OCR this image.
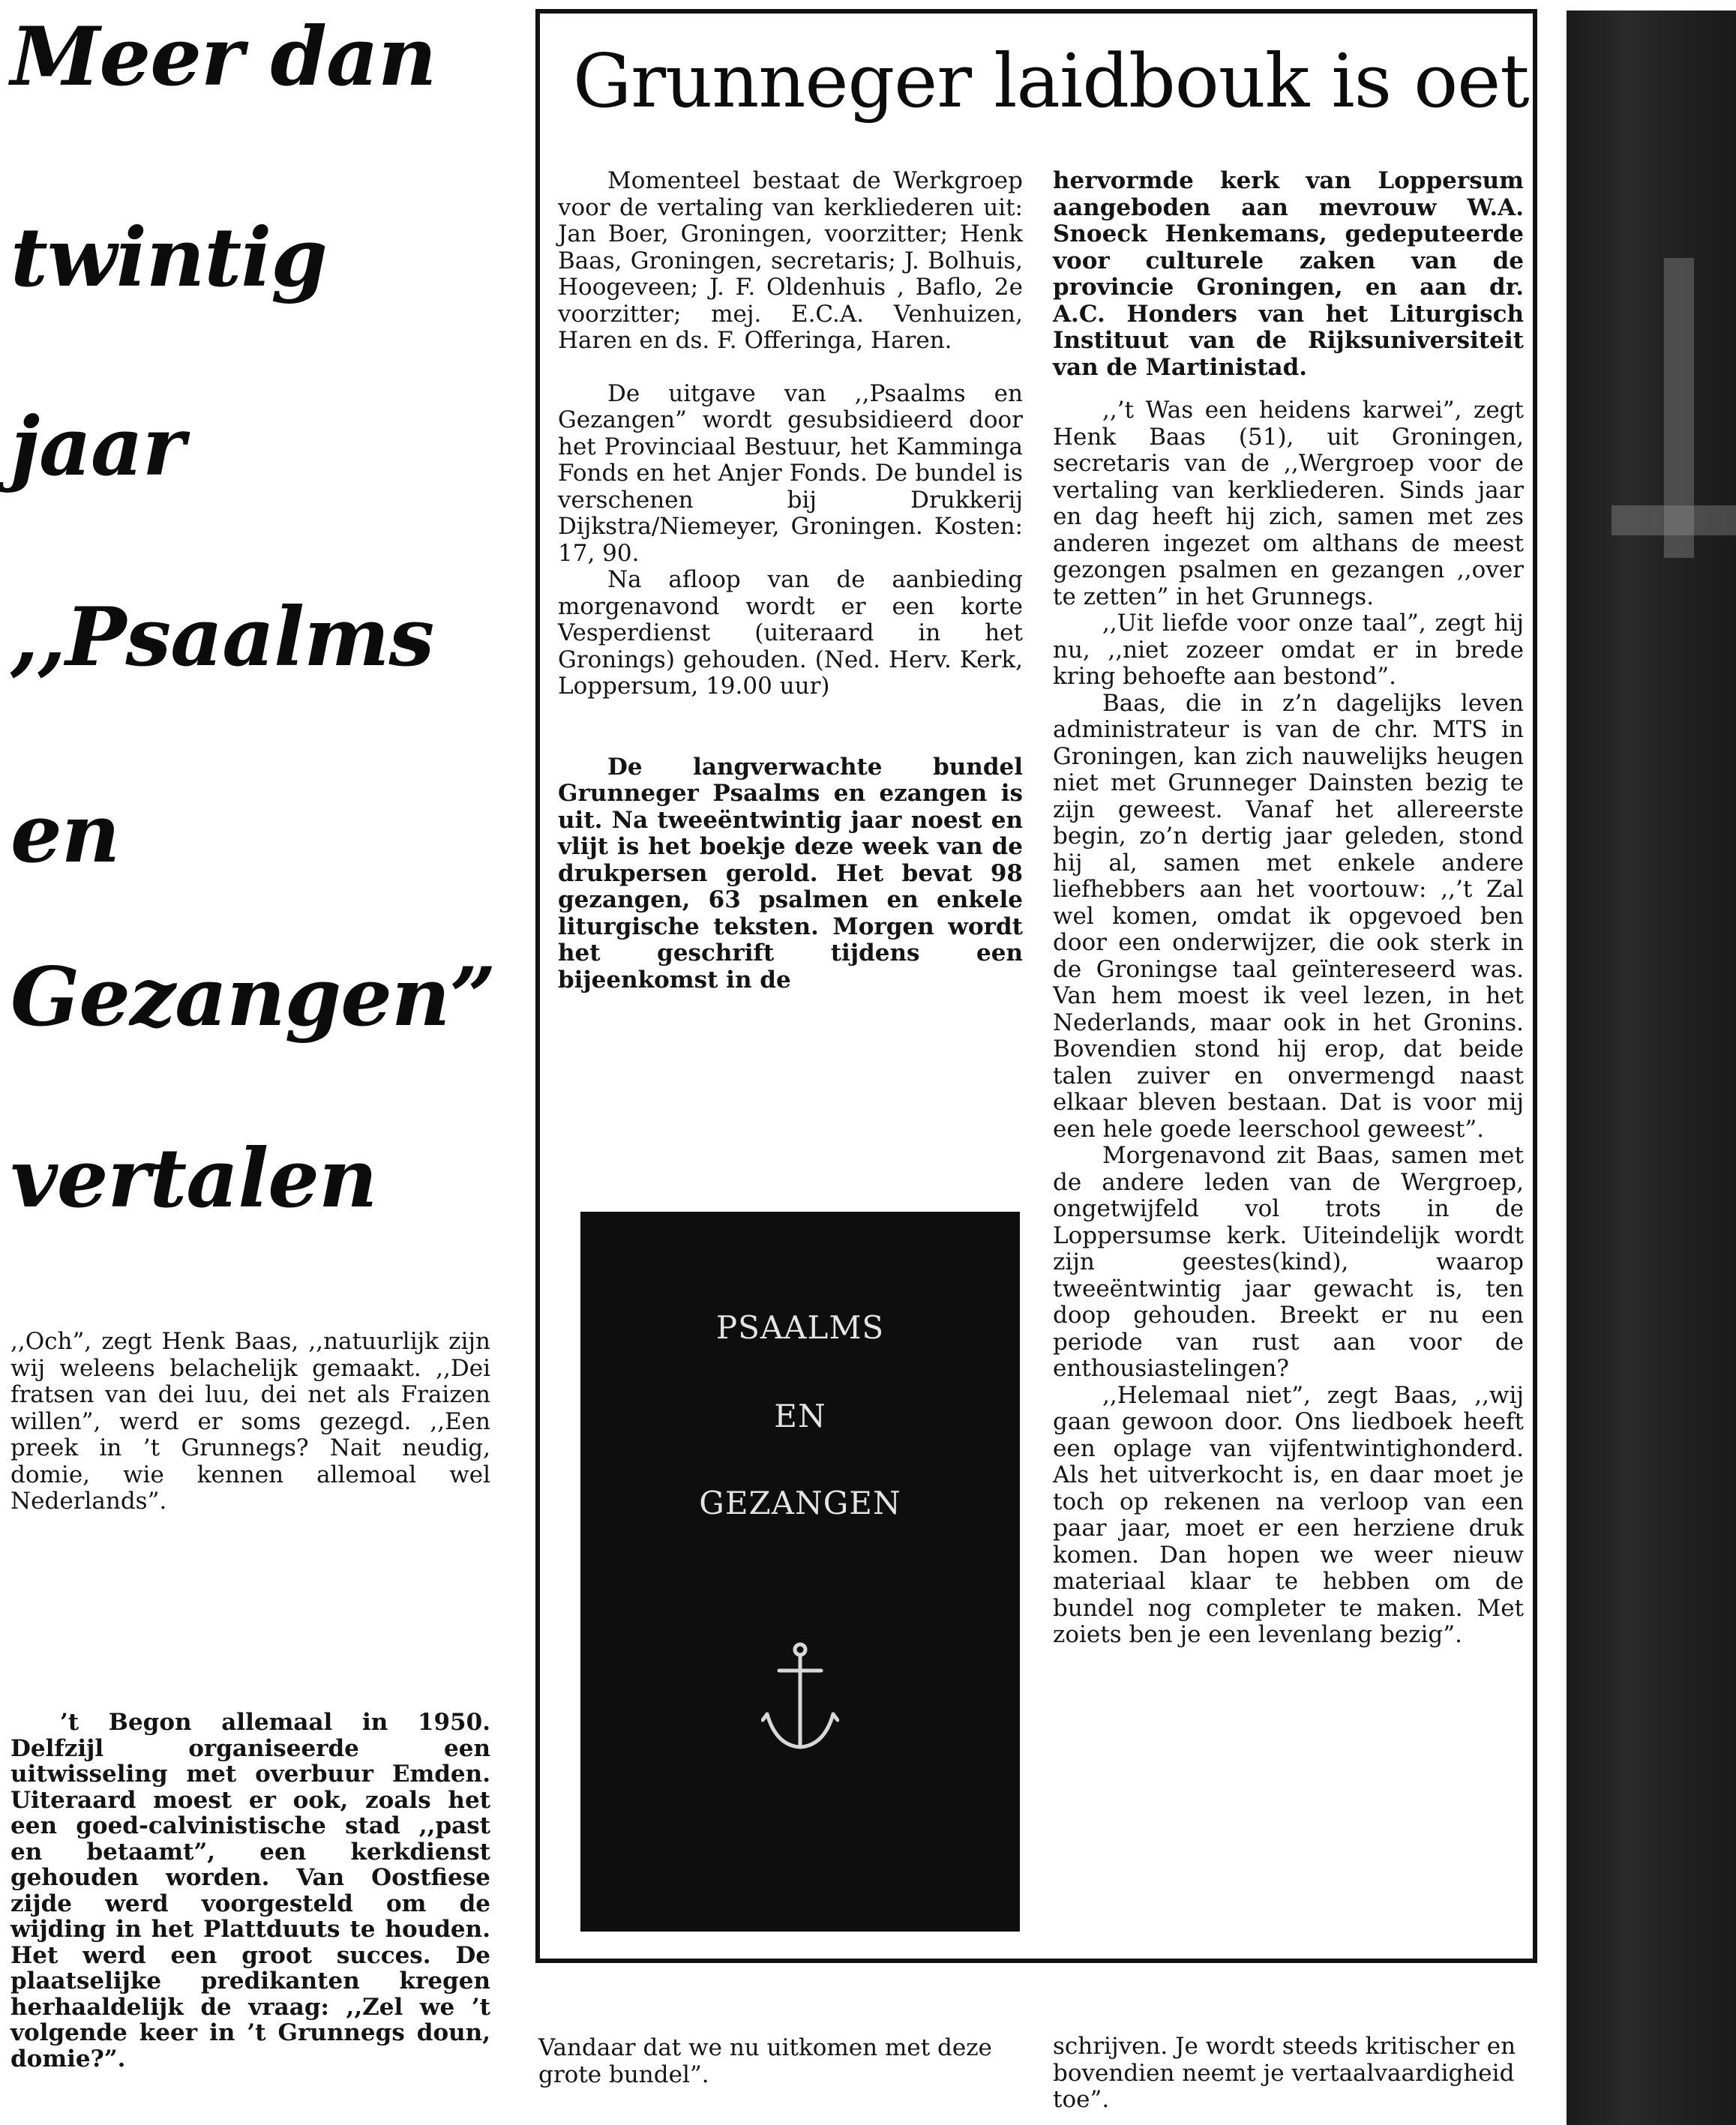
Meer dan
twintig
jaar
,,Psaalms
en
Gezangen”
vertalen

,,Och”, zegt Henk Baas, ,,natuurlijk zijn wij weleens belachelijk gemaakt. ,,Dei fratsen van dei luu, dei net als Fraizen willen”, werd er soms gezegd. ,,Een preek in ’t Grunnegs? Nait neudig, domie, wie kennen allemoal wel Nederlands”.

’t Begon allemaal in 1950. Delfzijl organiseerde een uitwisseling met overbuur Emden. Uiteraard moest er ook, zoals het een goed-calvinistische stad ,,past en betaamt”, een kerkdienst gehouden worden. Van Oostfiese zijde werd voorgesteld om de wijding in het Plattduuts te houden. Het werd een groot succes. De plaatselijke predikanten kregen herhaaldelijk de vraag: ,,Zel we ’t volgende keer in ’t Grunnegs doun, domie?”.

Grunneger laidbouk is oet

Momenteel bestaat de Werkgroep voor de vertaling van kerkliederen uit: Jan Boer, Groningen, voorzitter; Henk Baas, Groningen, secretaris; J. Bolhuis, Hoogeveen; J. F. Oldenhuis , Baflo, 2e voorzitter; mej. E.C.A. Venhuizen, Haren en ds. F. Offeringa, Haren.

De uitgave van ,,Psaalms en Gezangen” wordt gesubsidieerd door het Provinciaal Bestuur, het Kamminga Fonds en het Anjer Fonds. De bundel is verschenen bij Drukkerij Dijkstra/Niemeyer, Groningen. Kosten: 17, 90.

Na afloop van de aanbieding morgenavond wordt er een korte Vesperdienst (uiteraard in het Gronings) gehouden. (Ned. Herv. Kerk, Loppersum, 19.00 uur)

De langverwachte bundel Grunneger Psaalms en ezangen is uit. Na tweeëntwintig jaar noest en vlijt is het boekje deze week van de drukpersen gerold. Het bevat 98 gezangen, 63 psalmen en enkele liturgische teksten. Morgen wordt het geschrift tijdens een bijeenkomst in de

PSAALMS
EN
GEZANGEN

hervormde kerk van Loppersum aangeboden aan mevrouw W.A. Snoeck Henkemans, gedeputeerde voor culturele zaken van de provincie Groningen, en aan dr. A.C. Honders van het Liturgisch Instituut van de Rijksuniversiteit van de Martinistad.

,,’t Was een heidens karwei”, zegt Henk Baas (51), uit Groningen, secretaris van de ,,Wergroep voor de vertaling van kerkliederen. Sinds jaar en dag heeft hij zich, samen met zes anderen ingezet om althans de meest gezongen psalmen en gezangen ,,over te zetten” in het Grunnegs.

,,Uit liefde voor onze taal”, zegt hij nu, ,,niet zozeer omdat er in brede kring behoefte aan bestond”.

Baas, die in z’n dagelijks leven administrateur is van de chr. MTS in Groningen, kan zich nauwelijks heugen niet met Grunneger Dainsten bezig te zijn geweest. Vanaf het allereerste begin, zo’n dertig jaar geleden, stond hij al, samen met enkele andere liefhebbers aan het voortouw: ,,’t Zal wel komen, omdat ik opgevoed ben door een onderwijzer, die ook sterk in de Groningse taal geïntereseerd was. Van hem moest ik veel lezen, in het Nederlands, maar ook in het Gronins. Bovendien stond hij erop, dat beide talen zuiver en onvermengd naast elkaar bleven bestaan. Dat is voor mij een hele goede leerschool geweest”.

Morgenavond zit Baas, samen met de andere leden van de Wergroep, ongetwijfeld vol trots in de Loppersumse kerk. Uiteindelijk wordt zijn geestes(kind), waarop tweeëntwintig jaar gewacht is, ten doop gehouden. Breekt er nu een periode van rust aan voor de enthousiastelingen?

,,Helemaal niet”, zegt Baas, ,,wij gaan gewoon door. Ons liedboek heeft een oplage van vijfentwintighonderd. Als het uitverkocht is, en daar moet je toch op rekenen na verloop van een paar jaar, moet er een herziene druk komen. Dan hopen we weer nieuw materiaal klaar te hebben om de bundel nog completer te maken. Met zoiets ben je een levenlang bezig”.

Vandaar dat we nu uitkomen met deze grote bundel”.

schrijven. Je wordt steeds kritischer en bovendien neemt je vertaalvaardigheid toe”.
